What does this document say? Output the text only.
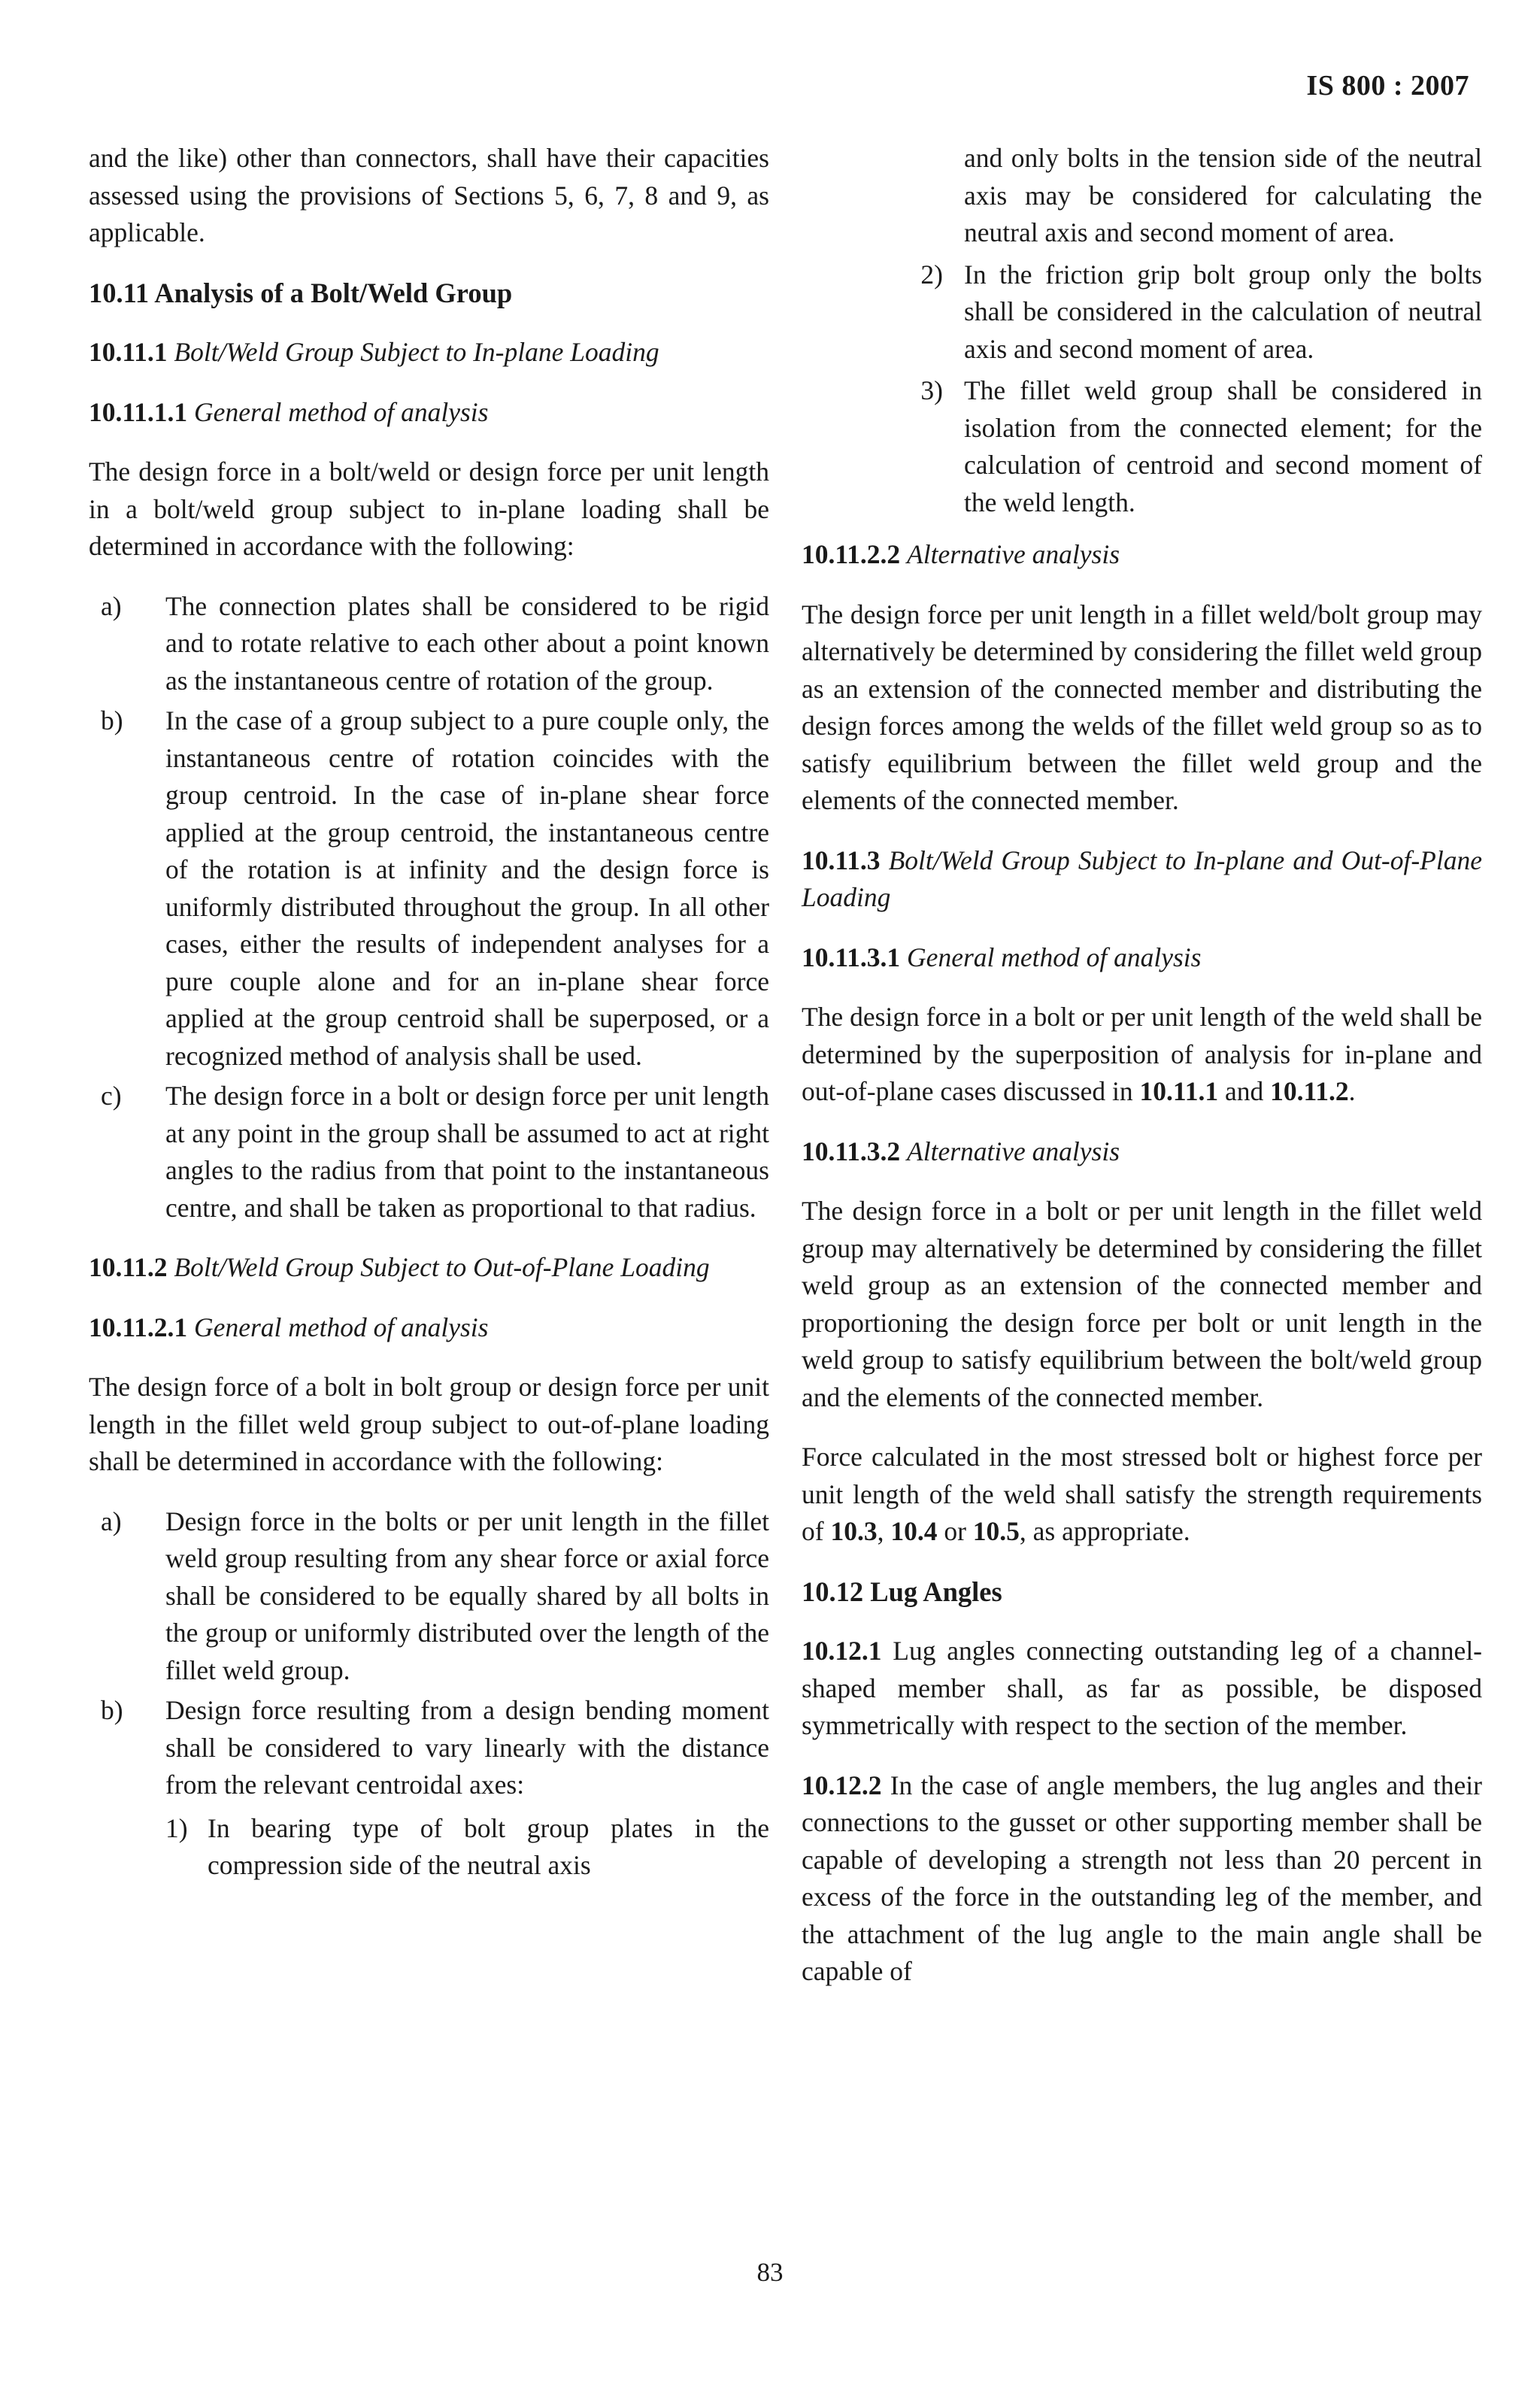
IS 800 : 2007

and the like) other than connectors, shall have their capacities assessed using the provisions of Sections 5, 6, 7, 8 and 9, as applicable.

10.11 Analysis of a Bolt/Weld Group

10.11.1 Bolt/Weld Group Subject to In-plane Loading

10.11.1.1 General method of analysis

The design force in a bolt/weld or design force per unit length in a bolt/weld group subject to in-plane loading shall be determined in accordance with the following:

a)	The connection plates shall be considered to be rigid and to rotate relative to each other about a point known as the instantaneous centre of rotation of the group.
b)	In the case of a group subject to a pure couple only, the instantaneous centre of rotation coincides with the group centroid. In the case of in-plane shear force applied at the group centroid, the instantaneous centre of the rotation is at infinity and the design force is uniformly distributed throughout the group. In all other cases, either the results of independent analyses for a pure couple alone and for an in-plane shear force applied at the group centroid shall be superposed, or a recognized method of analysis shall be used.
c)	The design force in a bolt or design force per unit length at any point in the group shall be assumed to act at right angles to the radius from that point to the instantaneous centre, and shall be taken as proportional to that radius.

10.11.2 Bolt/Weld Group Subject to Out-of-Plane Loading

10.11.2.1 General method of analysis

The design force of a bolt in bolt group or design force per unit length in the fillet weld group subject to out-of-plane loading shall be determined in accordance with the following:

a)	Design force in the bolts or per unit length in the fillet weld group resulting from any shear force or axial force shall be considered to be equally shared by all bolts in the group or uniformly distributed over the length of the fillet weld group.
b)	Design force resulting from a design bending moment shall be considered to vary linearly with the distance from the relevant centroidal axes:
1) In bearing type of bolt group plates in the compression side of the neutral axis

and only bolts in the tension side of the neutral axis may be considered for calculating the neutral axis and second moment of area.

2) In the friction grip bolt group only the bolts shall be considered in the calculation of neutral axis and second moment of area.
3) The fillet weld group shall be considered in isolation from the connected element; for the calculation of centroid and second moment of the weld length.

10.11.2.2 Alternative analysis

The design force per unit length in a fillet weld/bolt group may alternatively be determined by considering the fillet weld group as an extension of the connected member and distributing the design forces among the welds of the fillet weld group so as to satisfy equilibrium between the fillet weld group and the elements of the connected member.

10.11.3 Bolt/Weld Group Subject to In-plane and Out-of-Plane Loading

10.11.3.1 General method of analysis

The design force in a bolt or per unit length of the weld shall be determined by the superposition of analysis for in-plane and out-of-plane cases discussed in 10.11.1 and 10.11.2.

10.11.3.2 Alternative analysis

The design force in a bolt or per unit length in the fillet weld group may alternatively be determined by considering the fillet weld group as an extension of the connected member and proportioning the design force per bolt or unit length in the weld group to satisfy equilibrium between the bolt/weld group and the elements of the connected member.

Force calculated in the most stressed bolt or highest force per unit length of the weld shall satisfy the strength requirements of 10.3, 10.4 or 10.5, as appropriate.

10.12 Lug Angles

10.12.1 Lug angles connecting outstanding leg of a channel-shaped member shall, as far as possible, be disposed symmetrically with respect to the section of the member.

10.12.2 In the case of angle members, the lug angles and their connections to the gusset or other supporting member shall be capable of developing a strength not less than 20 percent in excess of the force in the outstanding leg of the member, and the attachment of the lug angle to the main angle shall be capable of

83
